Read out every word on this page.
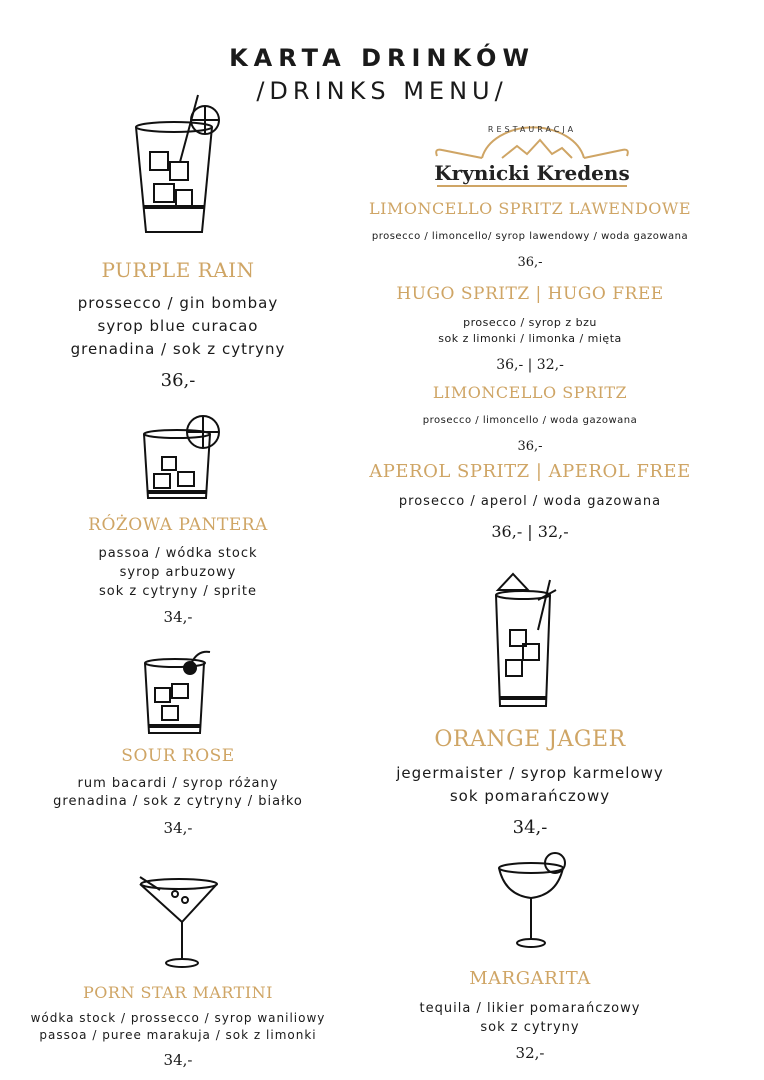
KARTA DRINKÓW
/DRINKS MENU/
RESTAURACJA
Krynicki Kredens
PURPLE RAIN
prossecco / gin bombay
syrop blue curacao
grenadina / sok z cytryny
36,-
RÓŻOWA PANTERA
passoa / wódka stock
syrop arbuzowy
sok z cytryny / sprite
34,-
SOUR ROSE
rum bacardi / syrop różany
grenadina / sok z cytryny / białko
34,-
PORN STAR MARTINI
wódka stock / prossecco / syrop waniliowy
passoa / puree marakuja / sok z limonki
34,-
LIMONCELLO SPRITZ LAWENDOWE
prosecco / limoncello/ syrop lawendowy / woda gazowana
36,-
HUGO SPRITZ | HUGO FREE
prosecco / syrop z bzu
sok z limonki / limonka / mięta
36,- | 32,-
LIMONCELLO SPRITZ
prosecco / limoncello / woda gazowana
36,-
APEROL SPRITZ | APEROL FREE
prosecco / aperol / woda gazowana
36,- | 32,-
ORANGE JAGER
jegermaister / syrop karmelowy
sok pomarańczowy
34,-
MARGARITA
tequila / likier pomarańczowy
sok z cytryny
32,-
